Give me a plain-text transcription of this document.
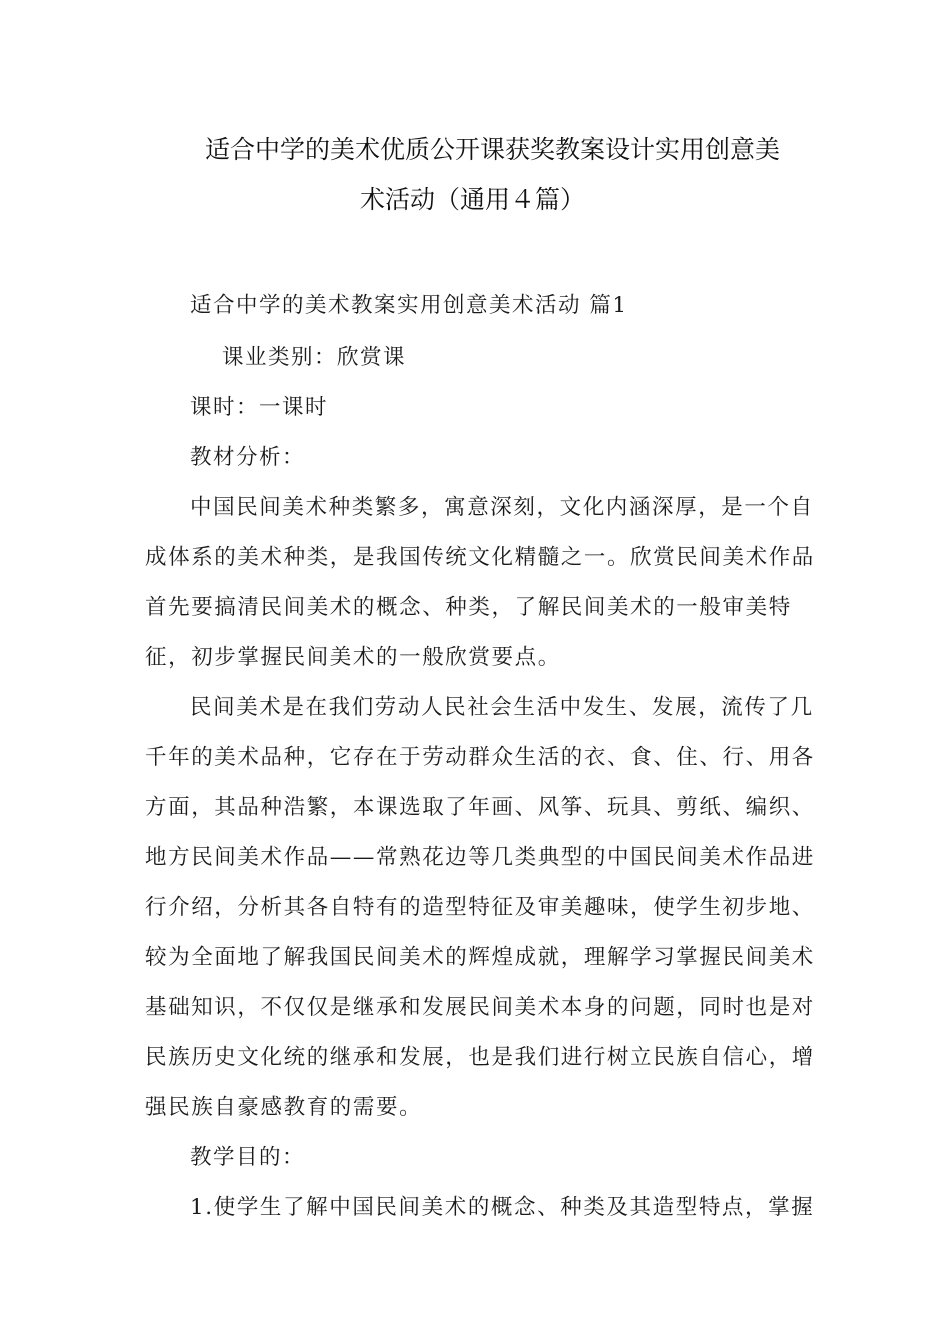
适合中学的美术优质公开课获奖教案设计实用创意美
术活动（通用４篇）
适合中学的美术教案实用创意美术活动 篇1
课业类别：欣赏课
课时：一课时
教材分析：
中国民间美术种类繁多，寓意深刻，文化内涵深厚，是一个自
成体系的美术种类，是我国传统文化精髓之一。欣赏民间美术作品
首先要搞清民间美术的概念、种类，了解民间美术的一般审美特
征，初步掌握民间美术的一般欣赏要点。
民间美术是在我们劳动人民社会生活中发生、发展，流传了几
千年的美术品种，它存在于劳动群众生活的衣、食、住、行、用各
方面，其品种浩繁，本课选取了年画、风筝、玩具、剪纸、编织、
地方民间美术作品——常熟花边等几类典型的中国民间美术作品进
行介绍，分析其各自特有的造型特征及审美趣味，使学生初步地、
较为全面地了解我国民间美术的辉煌成就，理解学习掌握民间美术
基础知识，不仅仅是继承和发展民间美术本身的问题，同时也是对
民族历史文化统的继承和发展，也是我们进行树立民族自信心，增
强民族自豪感教育的需要。
教学目的：
1.使学生了解中国民间美术的概念、种类及其造型特点，掌握
